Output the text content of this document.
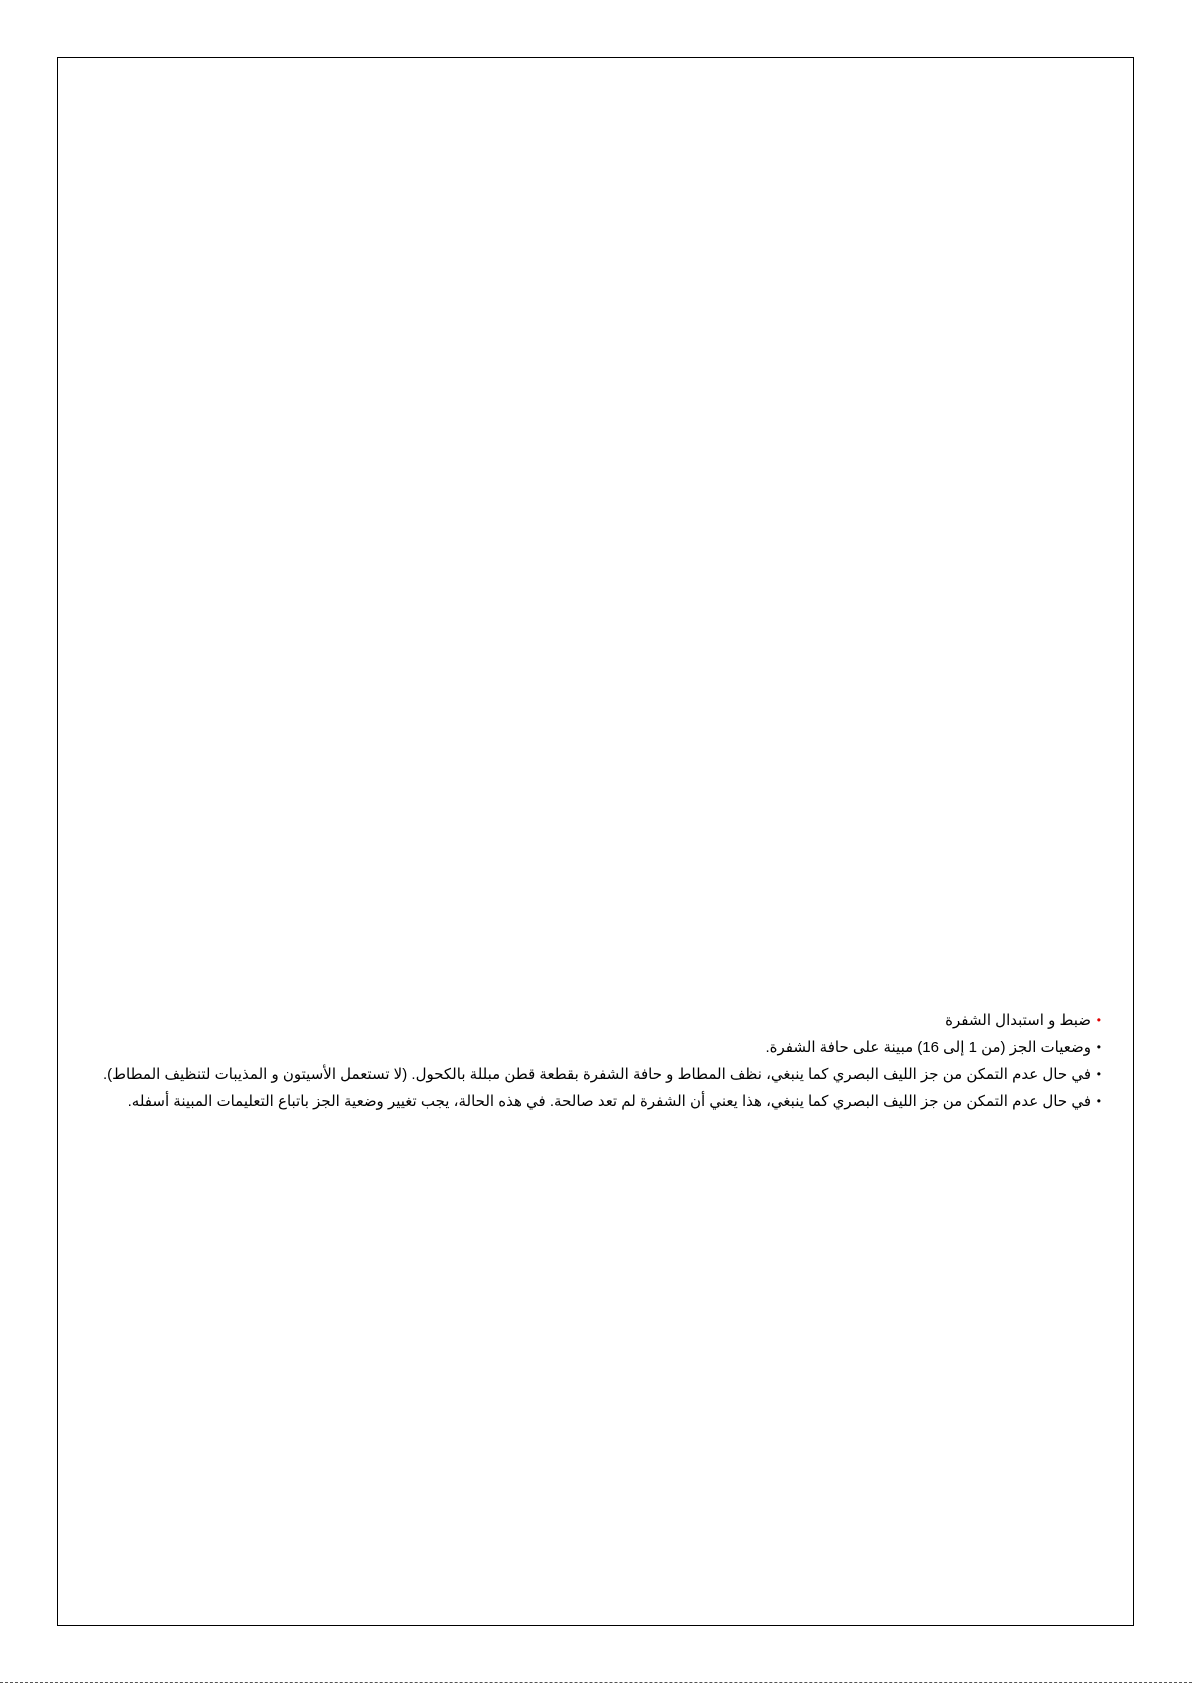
•
ضبط و استبدال الشفرة
•
وضعيات الجز (من 1 إلى 16) مبينة على حافة الشفرة.
•
في حال عدم التمكن من جز الليف البصري كما ينبغي، نظف المطاط و حافة الشفرة بقطعة قطن مبللة بالكحول. (لا تستعمل الأسيتون و المذيبات لتنظيف المطاط).
•
في حال عدم التمكن من جز الليف البصري كما ينبغي، هذا يعني أن الشفرة لم تعد صالحة. في هذه الحالة، يجب تغيير وضعية الجز باتباع التعليمات المبينة أسفله.
